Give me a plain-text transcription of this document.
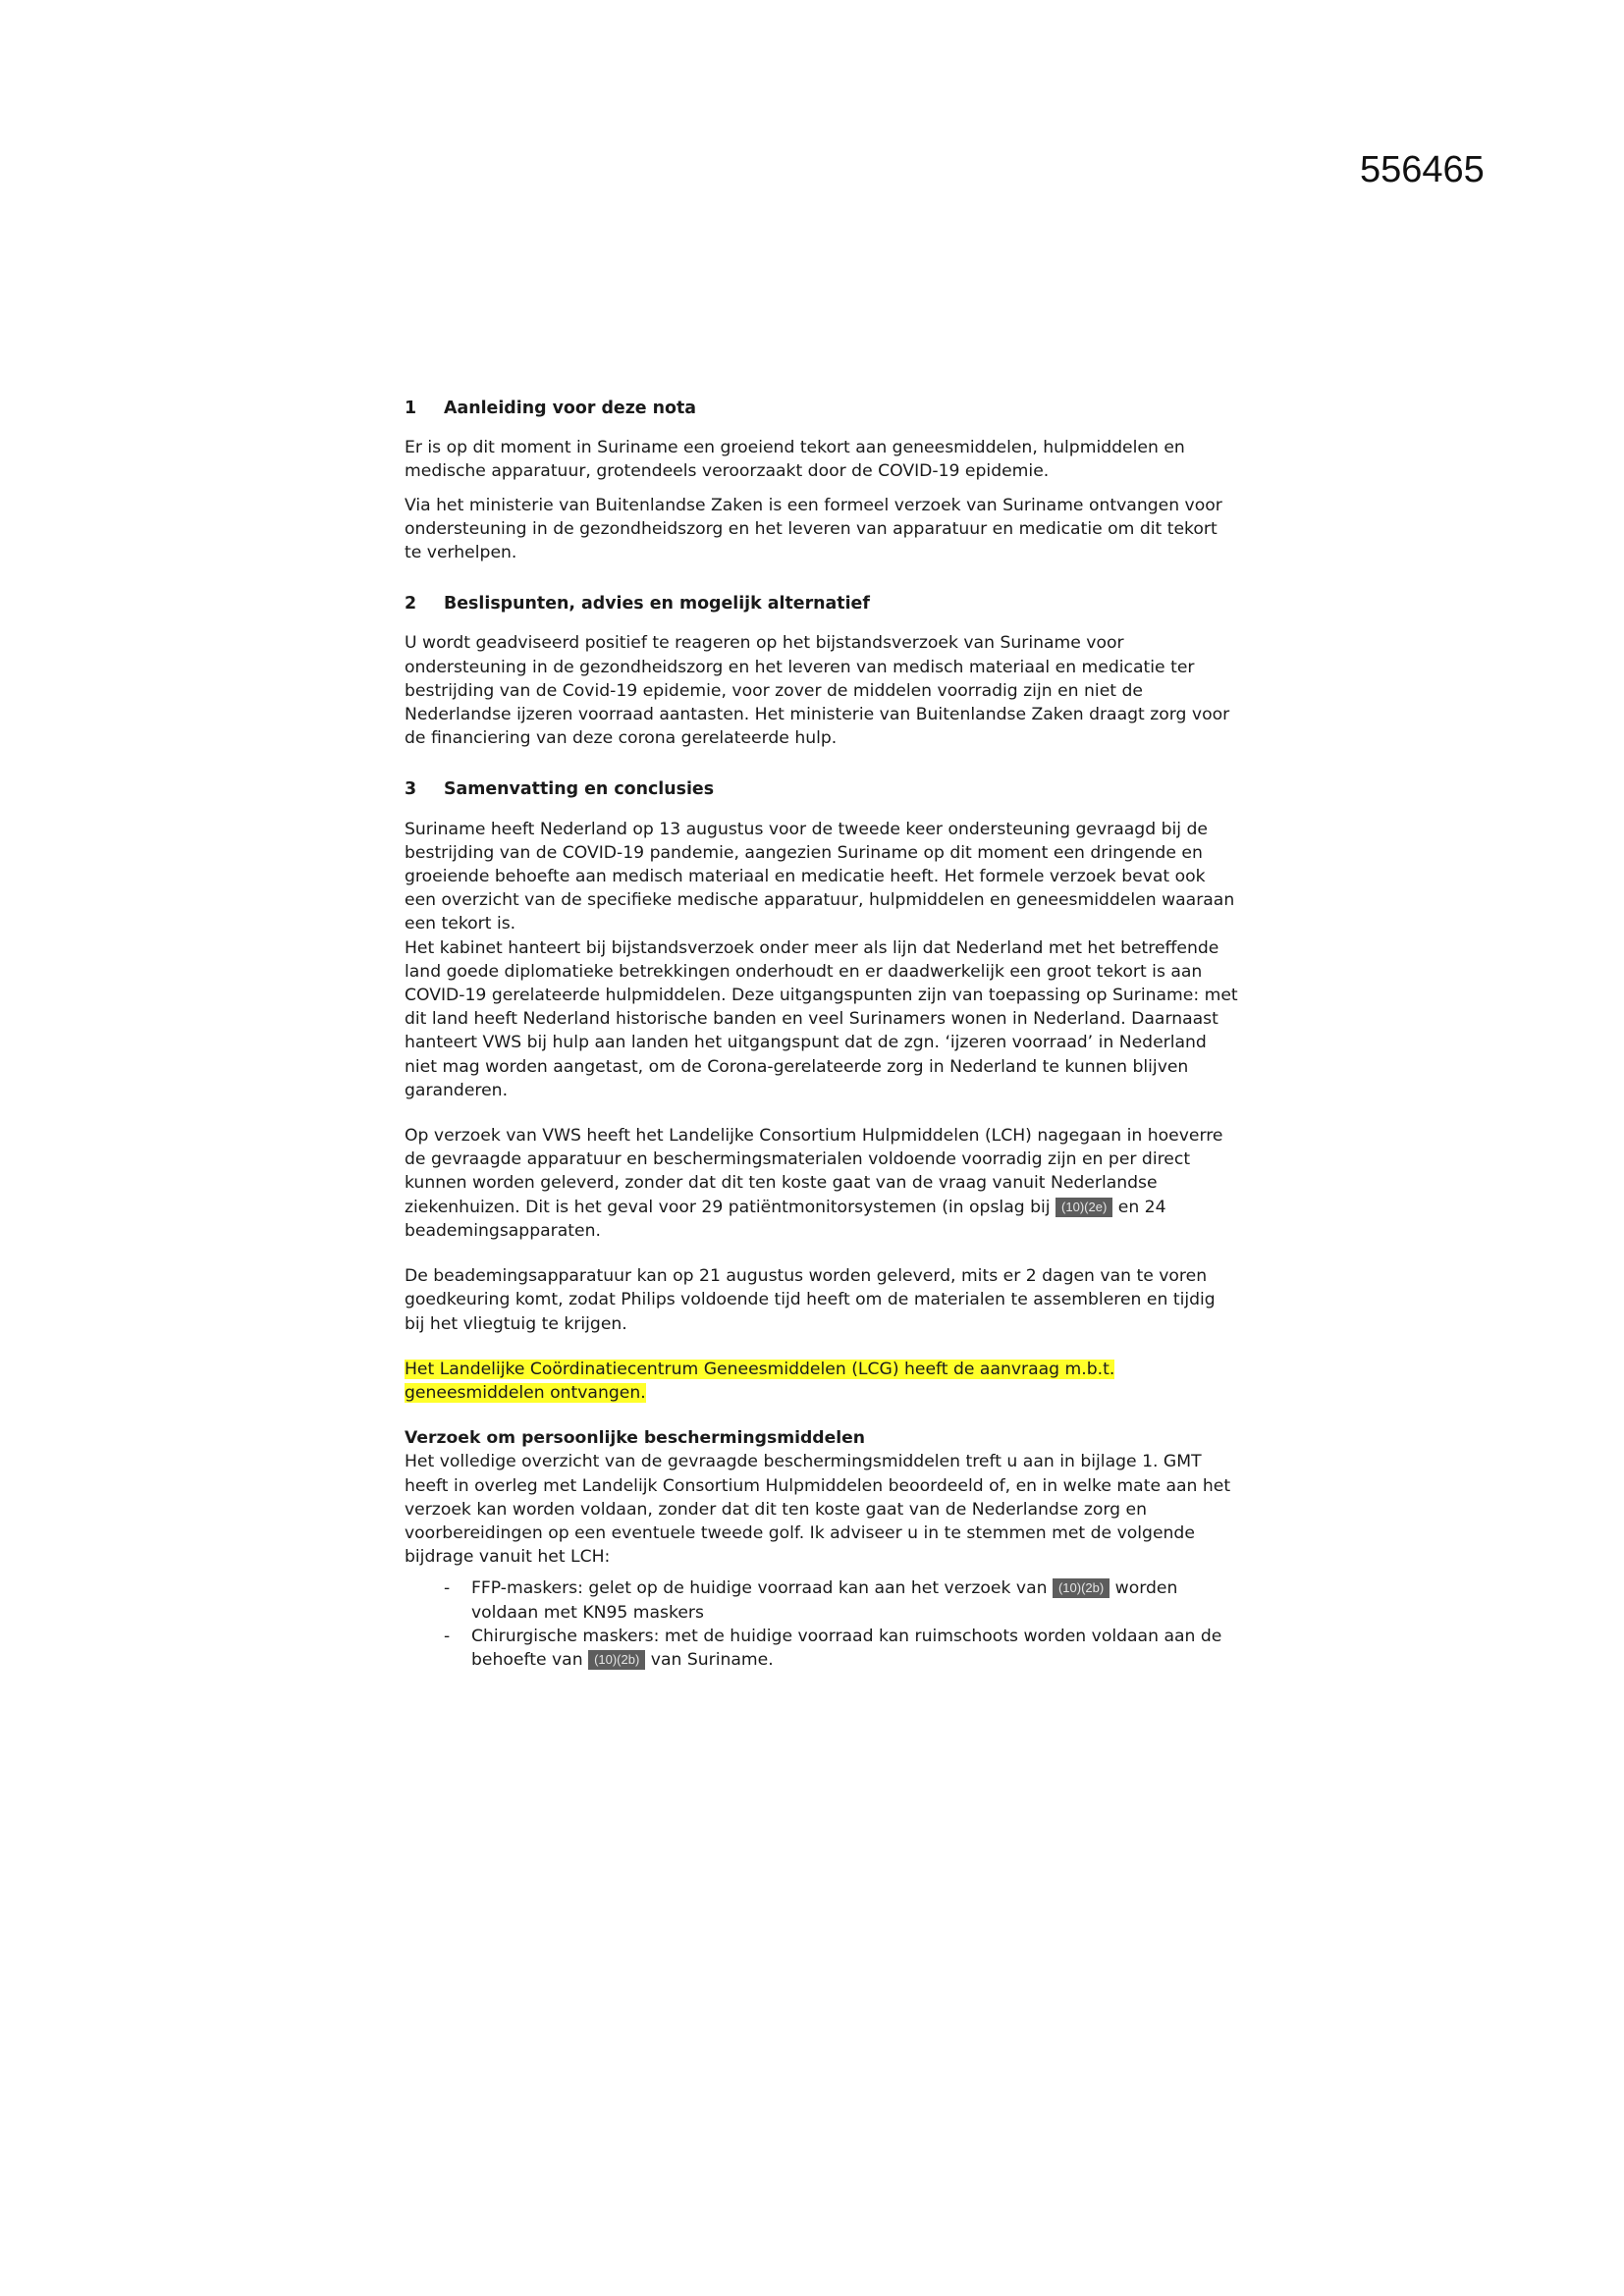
556465
1 Aanleiding voor deze nota

Er is op dit moment in Suriname een groeiend tekort aan geneesmiddelen, hulpmiddelen en medische apparatuur, grotendeels veroorzaakt door de COVID-19 epidemie.

Via het ministerie van Buitenlandse Zaken is een formeel verzoek van Suriname ontvangen voor ondersteuning in de gezondheidszorg en het leveren van apparatuur en medicatie om dit tekort te verhelpen.

2 Beslispunten, advies en mogelijk alternatief

U wordt geadviseerd positief te reageren op het bijstandsverzoek van Suriname voor ondersteuning in de gezondheidszorg en het leveren van medisch materiaal en medicatie ter bestrijding van de Covid-19 epidemie, voor zover de middelen voorradig zijn en niet de Nederlandse ijzeren voorraad aantasten. Het ministerie van Buitenlandse Zaken draagt zorg voor de financiering van deze corona gerelateerde hulp.

3 Samenvatting en conclusies

Suriname heeft Nederland op 13 augustus voor de tweede keer ondersteuning gevraagd bij de bestrijding van de COVID-19 pandemie, aangezien Suriname op dit moment een dringende en groeiende behoefte aan medisch materiaal en medicatie heeft. Het formele verzoek bevat ook een overzicht van de specifieke medische apparatuur, hulpmiddelen en geneesmiddelen waaraan een tekort is.

Het kabinet hanteert bij bijstandsverzoek onder meer als lijn dat Nederland met het betreffende land goede diplomatieke betrekkingen onderhoudt en er daadwerkelijk een groot tekort is aan COVID-19 gerelateerde hulpmiddelen. Deze uitgangspunten zijn van toepassing op Suriname: met dit land heeft Nederland historische banden en veel Surinamers wonen in Nederland. Daarnaast hanteert VWS bij hulp aan landen het uitgangspunt dat de zgn. ‘ijzeren voorraad’ in Nederland niet mag worden aangetast, om de Corona-gerelateerde zorg in Nederland te kunnen blijven garanderen.

Op verzoek van VWS heeft het Landelijke Consortium Hulpmiddelen (LCH) nagegaan in hoeverre de gevraagde apparatuur en beschermingsmaterialen voldoende voorradig zijn en per direct kunnen worden geleverd, zonder dat dit ten koste gaat van de vraag vanuit Nederlandse ziekenhuizen. Dit is het geval voor 29 patiëntmonitorsystemen (in opslag bij (10)(2e) en 24 beademingsapparaten.

De beademingsapparatuur kan op 21 augustus worden geleverd, mits er 2 dagen van te voren goedkeuring komt, zodat Philips voldoende tijd heeft om de materialen te assembleren en tijdig bij het vliegtuig te krijgen.

Het Landelijke Coördinatiecentrum Geneesmiddelen (LCG) heeft de aanvraag m.b.t. geneesmiddelen ontvangen.

Verzoek om persoonlijke beschermingsmiddelen

Het volledige overzicht van de gevraagde beschermingsmiddelen treft u aan in bijlage 1. GMT heeft in overleg met Landelijk Consortium Hulpmiddelen beoordeeld of, en in welke mate aan het verzoek kan worden voldaan, zonder dat dit ten koste gaat van de Nederlandse zorg en voorbereidingen op een eventuele tweede golf. Ik adviseer u in te stemmen met de volgende bijdrage vanuit het LCH:

- FFP-maskers: gelet op de huidige voorraad kan aan het verzoek van (10)(2b) worden voldaan met KN95 maskers
- Chirurgische maskers: met de huidige voorraad kan ruimschoots worden voldaan aan de behoefte van (10)(2b) van Suriname.
